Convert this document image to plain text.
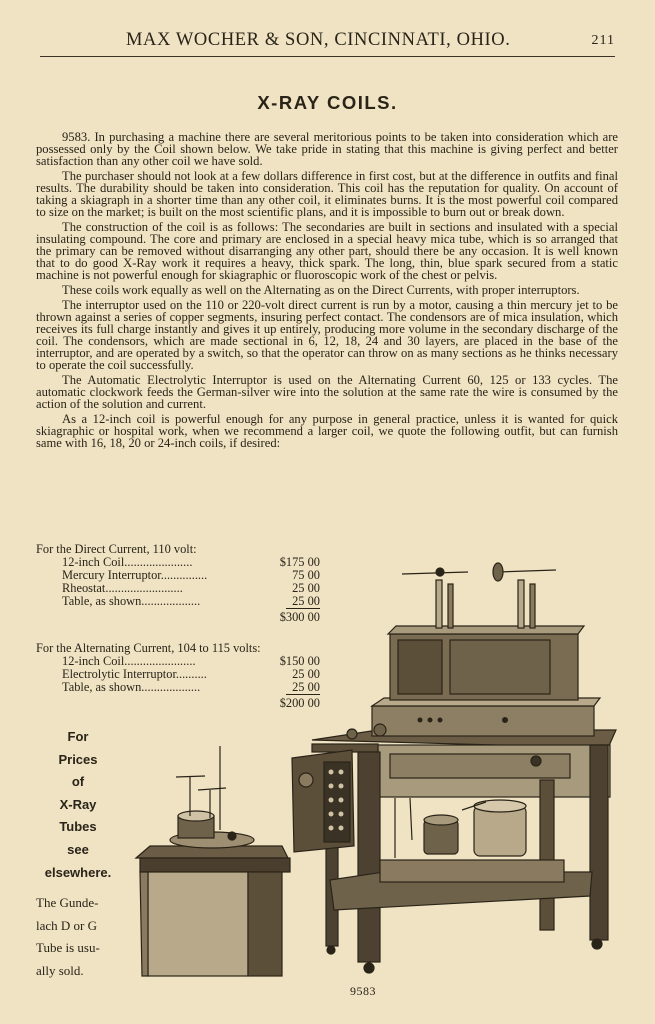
MAX WOCHER & SON, CINCINNATI, OHIO.	211
X-RAY COILS.

9583. In purchasing a machine there are several meritorious points to be taken into consideration which are possessed only by the Coil shown below. We take pride in stating that this machine is giving perfect and better satisfaction than any other coil we have sold.

The purchaser should not look at a few dollars difference in first cost, but at the difference in outfits and final results. The durability should be taken into consideration. This coil has the reputation for quality. On account of taking a skiagraph in a shorter time than any other coil, it eliminates burns. It is the most powerful coil compared to size on the market; is built on the most scientific plans, and it is impossible to burn out or break down.

The construction of the coil is as follows: The secondaries are built in sections and insulated with a special insulating compound. The core and primary are enclosed in a special heavy mica tube, which is so arranged that the primary can be removed without disarranging any other part, should there be any occasion. It is well known that to do good X-Ray work it requires a heavy, thick spark. The long, thin, blue spark secured from a static machine is not powerful enough for skiagraphic or fluoroscopic work of the chest or pelvis.

These coils work equally as well on the Alternating as on the Direct Currents, with proper interruptors.

The interruptor used on the 110 or 220-volt direct current is run by a motor, causing a thin mercury jet to be thrown against a series of copper segments, insuring perfect contact. The condensors are of mica insulation, which receives its full charge instantly and gives it up entirely, producing more volume in the secondary discharge of the coil. The condensors, which are made sectional in 6, 12, 18, 24 and 30 layers, are placed in the base of the interruptor, and are operated by a switch, so that the operator can throw on as many sections as he thinks necessary to operate the coil successfully.

The Automatic Electrolytic Interruptor is used on the Alternating Current 60, 125 or 133 cycles. The automatic clockwork feeds the German-silver wire into the solution at the same rate the wire is consumed by the action of the solution and current.

As a 12-inch coil is powerful enough for any purpose in general practice, unless it is wanted for quick skiagraphic or hospital work, when we recommend a larger coil, we quote the following outfit, but can furnish same with 16, 18, 20 or 24-inch coils, if desired:

For the Direct Current, 110 volt:
12-inch Coil......................	$175 00
Mercury Interruptor...............	75 00
Rheostat.........................	25 00
Table, as shown...................	25 00
$300 00
For the Alternating Current, 104 to 115 volts:
12-inch Coil.......................	$150 00
Electrolytic Interruptor..........	25 00
Table, as shown...................	25 00
$200 00
For
Prices
of
X-Ray
Tubes
see
elsewhere.
The Gunde-
lach D or G
Tube is usu-
ally sold.
9583
